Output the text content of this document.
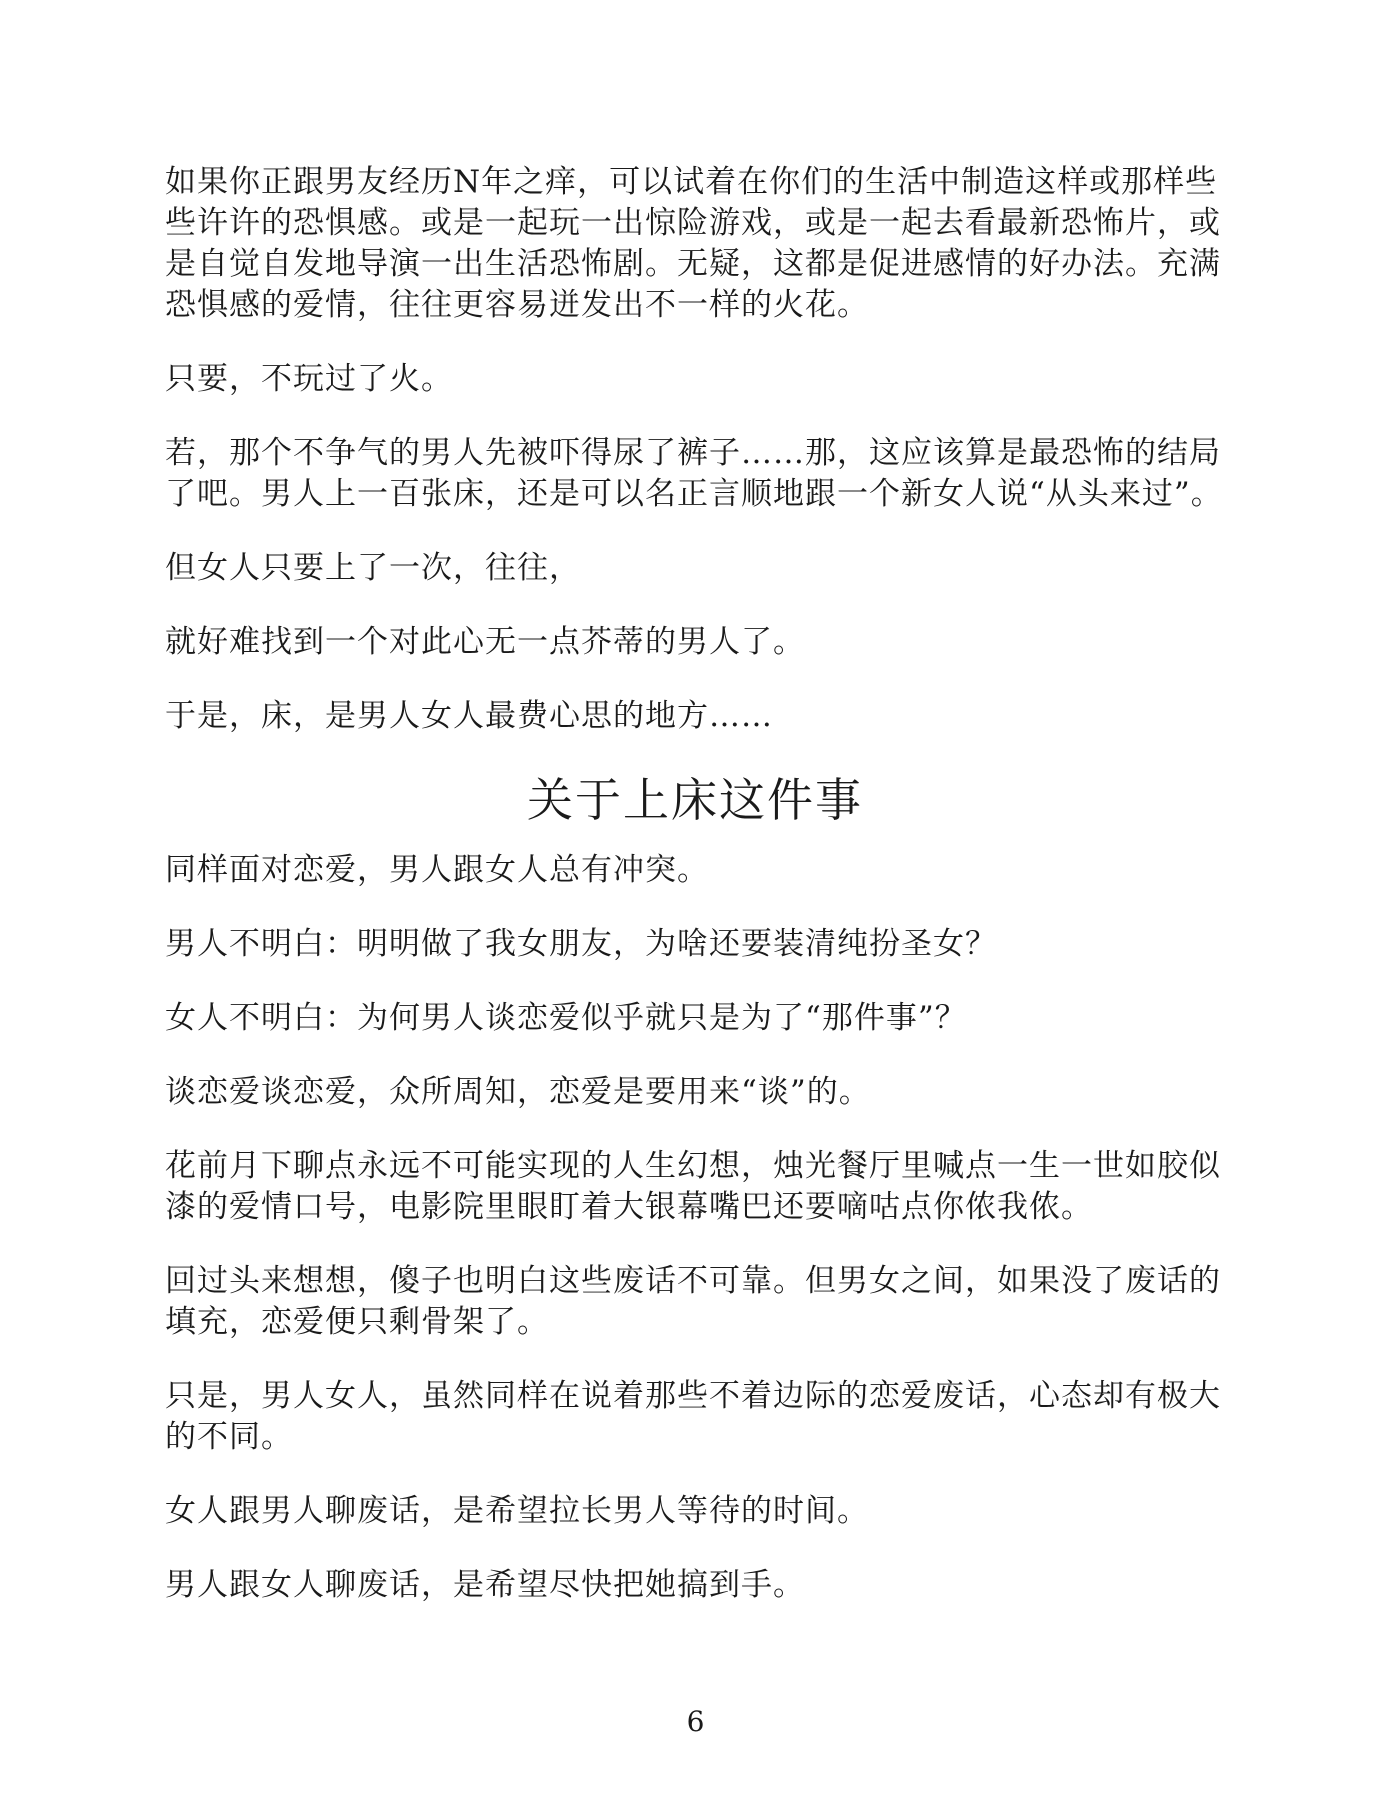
如果你正跟男友经历N年之痒，可以试着在你们的生活中制造这样或那样些些许许的恐惧感。或是一起玩一出惊险游戏，或是一起去看最新恐怖片，或是自觉自发地导演一出生活恐怖剧。无疑，这都是促进感情的好办法。充满恐惧感的爱情，往往更容易迸发出不一样的火花。

只要，不玩过了火。

若，那个不争气的男人先被吓得尿了裤子……那，这应该算是最恐怖的结局了吧。男人上一百张床，还是可以名正言顺地跟一个新女人说“从头来过”。

但女人只要上了一次，往往，

就好难找到一个对此心无一点芥蒂的男人了。

于是，床，是男人女人最费心思的地方……

关于上床这件事

同样面对恋爱，男人跟女人总有冲突。

男人不明白：明明做了我女朋友，为啥还要装清纯扮圣女？

女人不明白：为何男人谈恋爱似乎就只是为了“那件事”？

谈恋爱谈恋爱，众所周知，恋爱是要用来“谈”的。

花前月下聊点永远不可能实现的人生幻想，烛光餐厅里喊点一生一世如胶似漆的爱情口号，电影院里眼盯着大银幕嘴巴还要嘀咕点你侬我侬。

回过头来想想，傻子也明白这些废话不可靠。但男女之间，如果没了废话的填充，恋爱便只剩骨架了。

只是，男人女人，虽然同样在说着那些不着边际的恋爱废话，心态却有极大的不同。

女人跟男人聊废话，是希望拉长男人等待的时间。

男人跟女人聊废话，是希望尽快把她搞到手。

6
